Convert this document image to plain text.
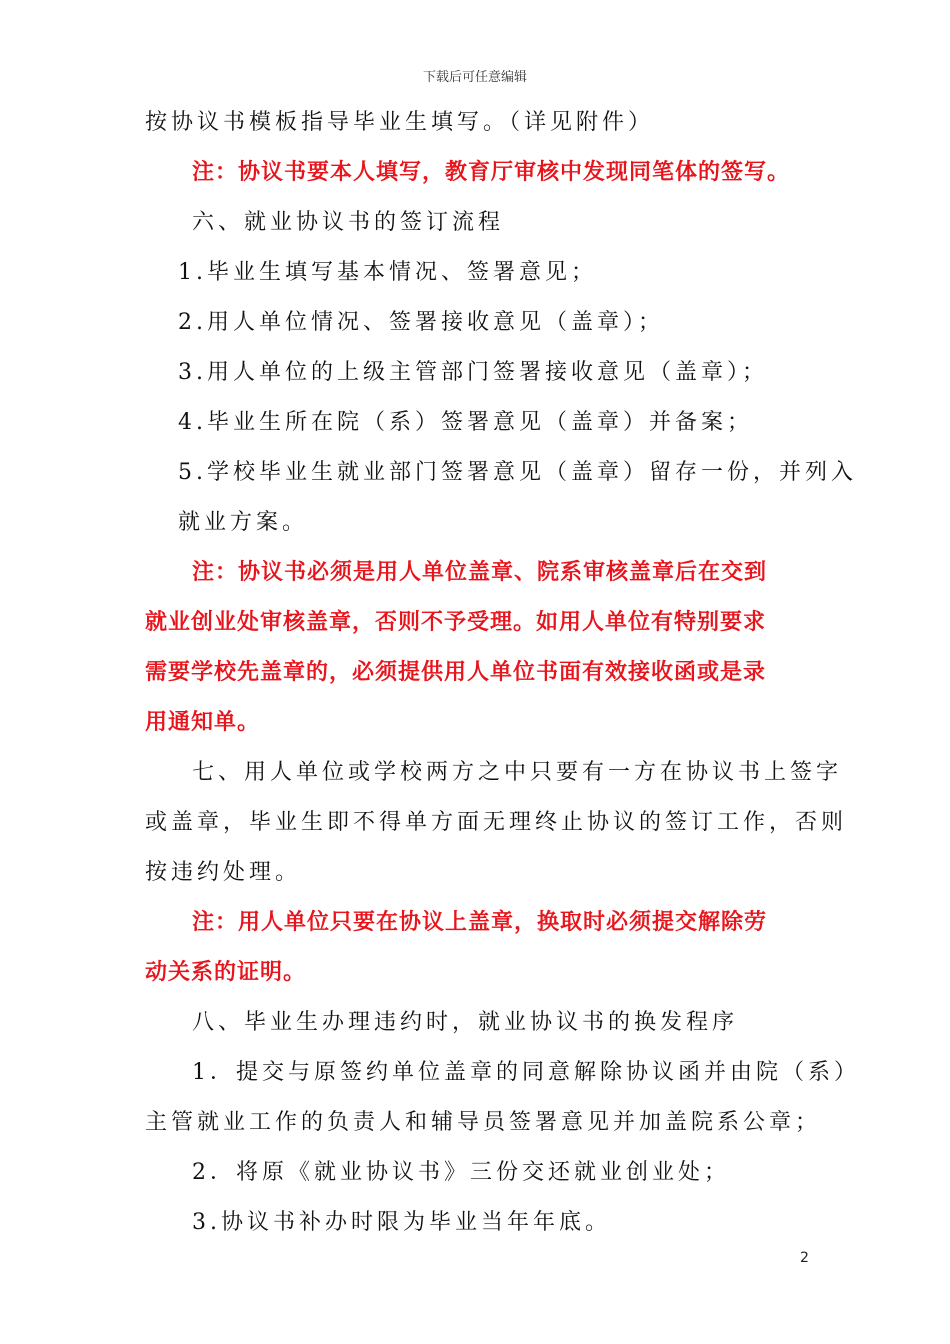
下载后可任意编辑
按协议书模板指导毕业生填写。（详见附件）
注：协议书要本人填写，教育厅审核中发现同笔体的签写。
六、就业协议书的签订流程
1.毕业生填写基本情况、签署意见；
2.用人单位情况、签署接收意见（盖章）；
3.用人单位的上级主管部门签署接收意见（盖章）；
4.毕业生所在院（系）签署意见（盖章）并备案；
5.学校毕业生就业部门签署意见（盖章）留存一份，并列入
就业方案。
注：协议书必须是用人单位盖章、院系审核盖章后在交到
就业创业处审核盖章，否则不予受理。如用人单位有特别要求
需要学校先盖章的，必须提供用人单位书面有效接收函或是录
用通知单。
七、用人单位或学校两方之中只要有一方在协议书上签字
或盖章，毕业生即不得单方面无理终止协议的签订工作，否则
按违约处理。
注：用人单位只要在协议上盖章，换取时必须提交解除劳
动关系的证明。
八、毕业生办理违约时，就业协议书的换发程序
1．提交与原签约单位盖章的同意解除协议函并由院（系）
主管就业工作的负责人和辅导员签署意见并加盖院系公章；
2．将原《就业协议书》三份交还就业创业处；
3.协议书补办时限为毕业当年年底。
2
